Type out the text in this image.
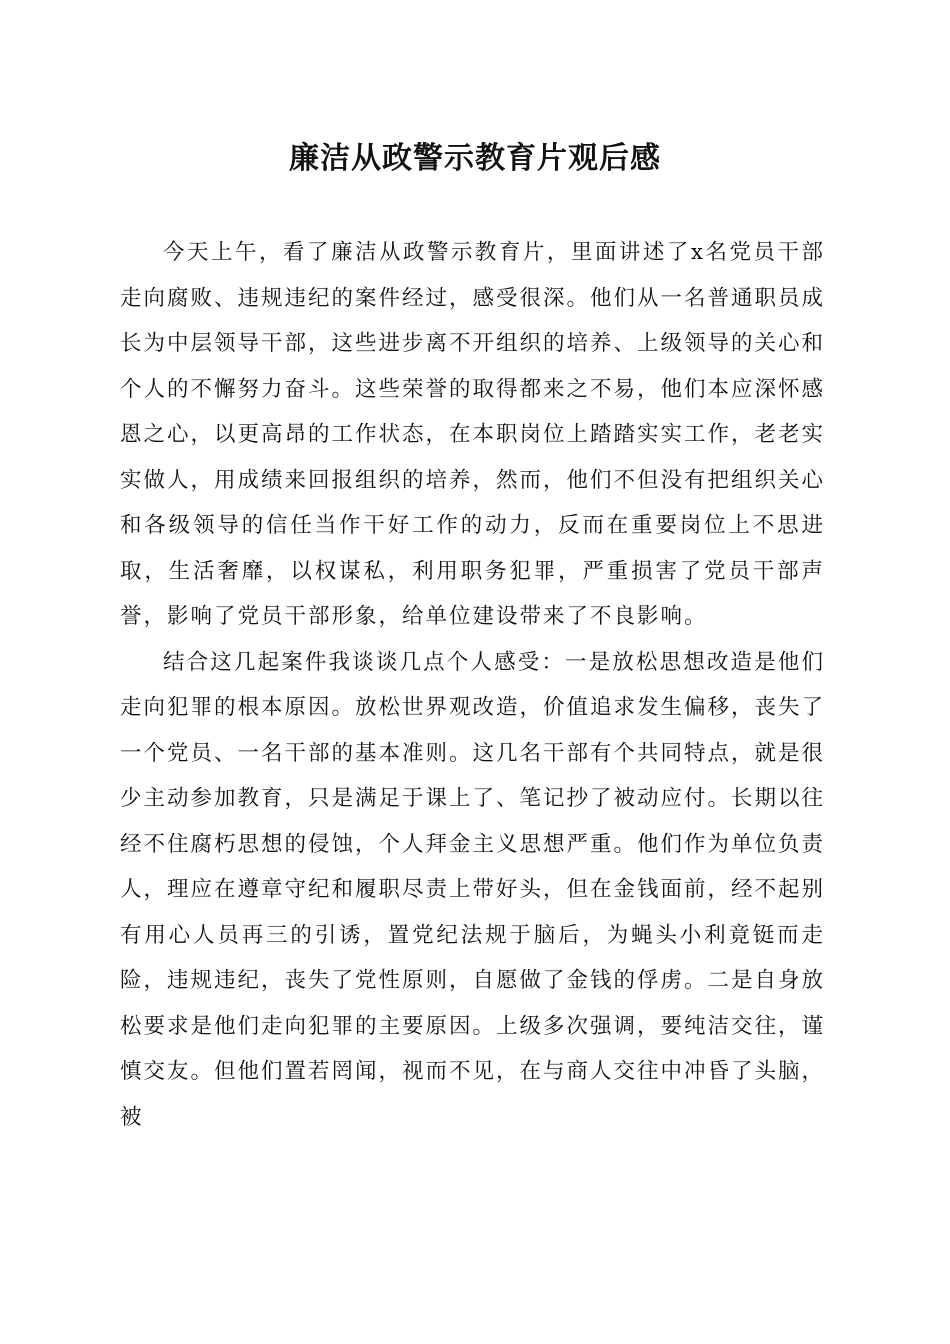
廉洁从政警示教育片观后感

今天上午，看了廉洁从政警示教育片，里面讲述了x名党员干部走向腐败、违规违纪的案件经过，感受很深。他们从一名普通职员成长为中层领导干部，这些进步离不开组织的培养、上级领导的关心和个人的不懈努力奋斗。这些荣誉的取得都来之不易，他们本应深怀感恩之心，以更高昂的工作状态，在本职岗位上踏踏实实工作，老老实实做人，用成绩来回报组织的培养，然而，他们不但没有把组织关心和各级领导的信任当作干好工作的动力，反而在重要岗位上不思进取，生活奢靡，以权谋私，利用职务犯罪，严重损害了党员干部声誉，影响了党员干部形象，给单位建设带来了不良影响。

结合这几起案件我谈谈几点个人感受：一是放松思想改造是他们走向犯罪的根本原因。放松世界观改造，价值追求发生偏移，丧失了一个党员、一名干部的基本准则。这几名干部有个共同特点，就是很少主动参加教育，只是满足于课上了、笔记抄了被动应付。长期以往经不住腐朽思想的侵蚀，个人拜金主义思想严重。他们作为单位负责人，理应在遵章守纪和履职尽责上带好头，但在金钱面前，经不起别有用心人员再三的引诱，置党纪法规于脑后，为蝇头小利竟铤而走险，违规违纪，丧失了党性原则，自愿做了金钱的俘虏。二是自身放松要求是他们走向犯罪的主要原因。上级多次强调，要纯洁交往，谨慎交友。但他们置若罔闻，视而不见，在与商人交往中冲昏了头脑，被
